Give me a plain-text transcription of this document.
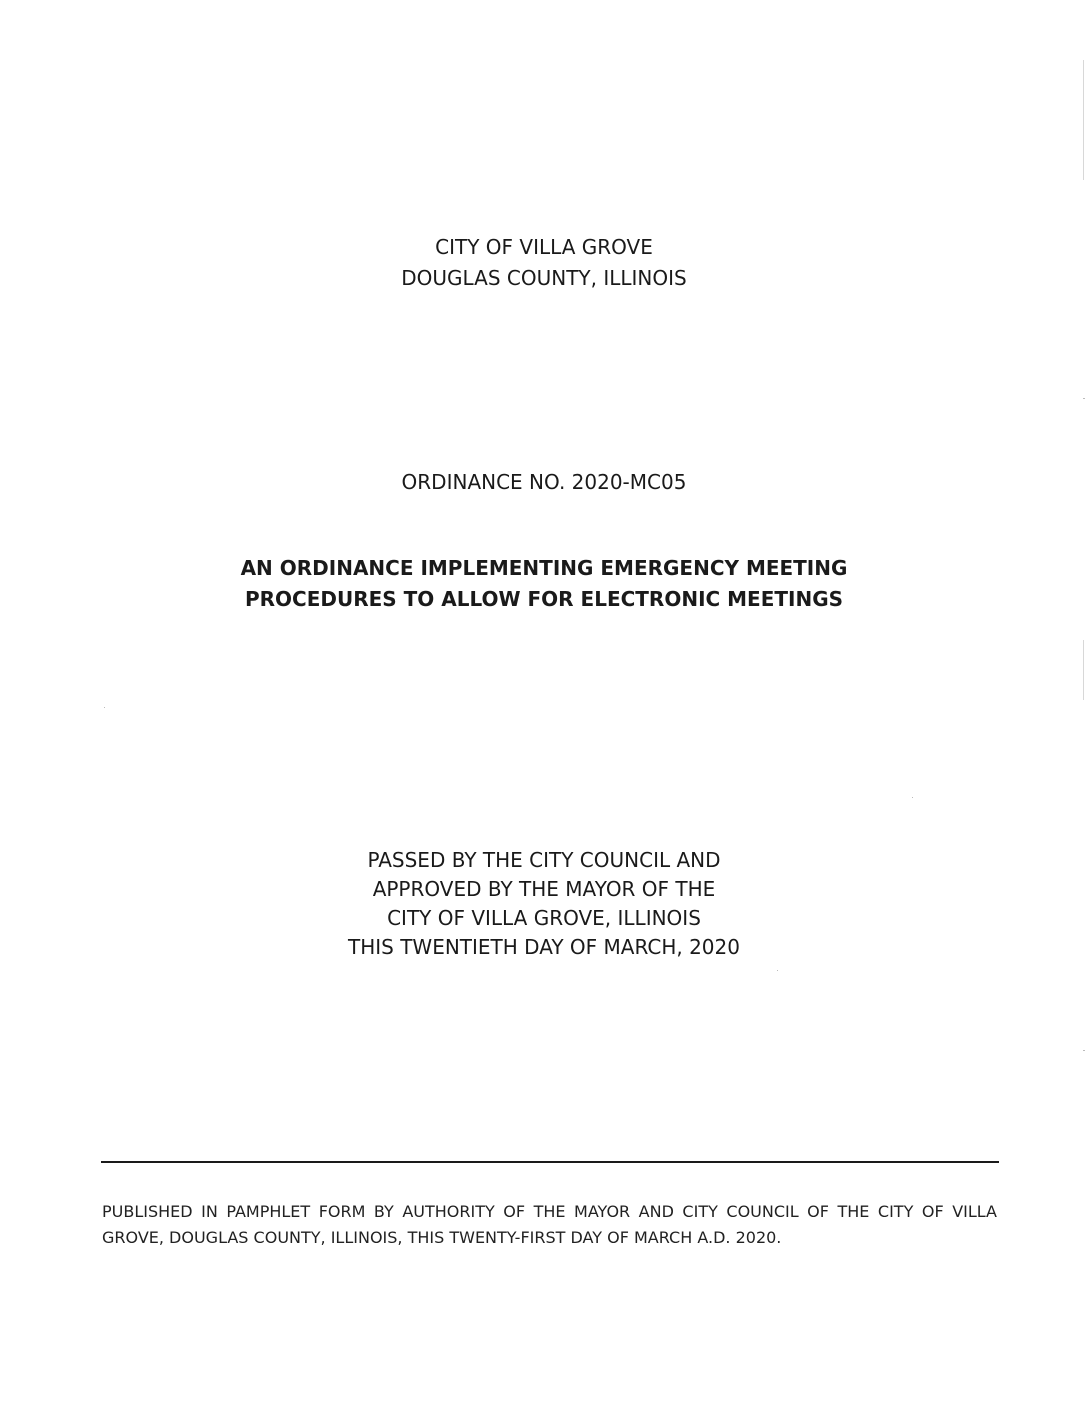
CITY OF VILLA GROVE
DOUGLAS COUNTY, ILLINOIS
ORDINANCE NO. 2020-MC05
AN ORDINANCE IMPLEMENTING EMERGENCY MEETING
PROCEDURES TO ALLOW FOR ELECTRONIC MEETINGS
PASSED BY THE CITY COUNCIL AND
APPROVED BY THE MAYOR OF THE
CITY OF VILLA GROVE, ILLINOIS
THIS TWENTIETH DAY OF MARCH, 2020
PUBLISHED IN PAMPHLET FORM BY AUTHORITY OF THE MAYOR AND CITY COUNCIL OF THE CITY OF VILLA GROVE, DOUGLAS COUNTY, ILLINOIS, THIS TWENTY-FIRST DAY OF MARCH A.D. 2020.
